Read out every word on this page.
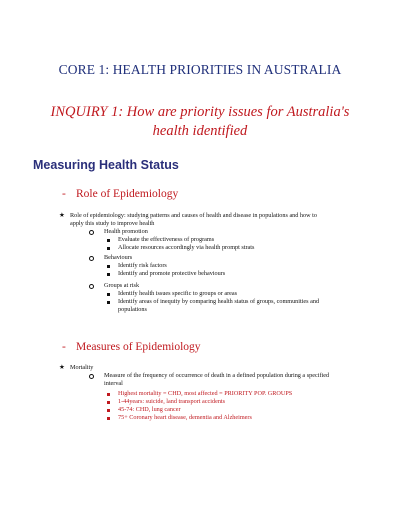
CORE 1: HEALTH PRIORITIES IN AUSTRALIA
INQUIRY 1: How are priority issues for Australia's
health identified
Measuring Health Status
- Role of Epidemiology
★ Role of epidemiology: studying patterns and causes of health and disease in populations and how to
apply this study to improve health
Health promotion
Evaluate the effectiveness of programs
Allocate resources accordingly via health prompt strats
Behaviours
Identify risk factors
Identify and promote protective behaviours
Groups at risk
Identify health issues specific to groups or areas
Identify areas of inequity by comparing health status of groups, communities and
populations
- Measures of Epidemiology
★ Mortality
Measure of the frequency of occurrence of death in a defined population during a specified
interval
Highest mortality = CHD, most affected = PRIORITY POP. GROUPS
1-44years: suicide, land transport accidents
45-74: CHD, lung cancer
75+ Coronary heart disease, dementia and Alzheimers
